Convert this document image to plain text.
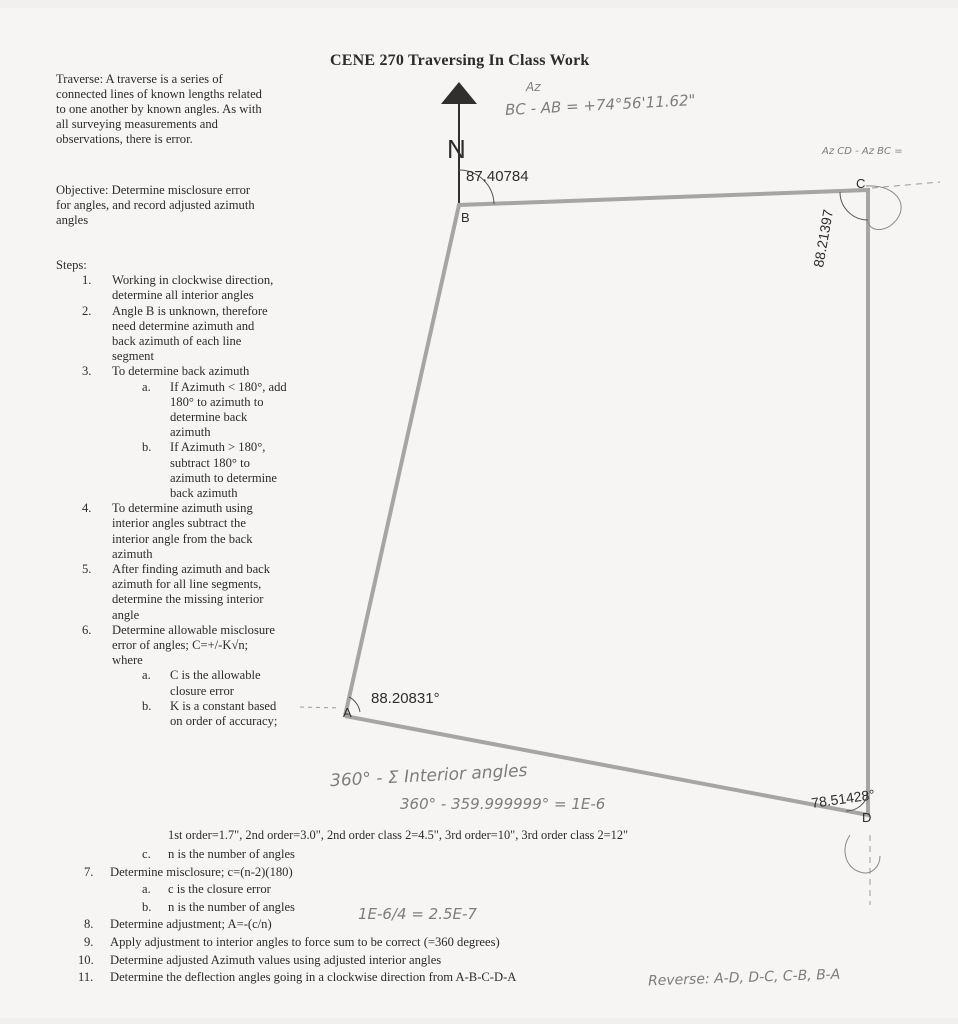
CENE 270 Traversing In Class Work
Traverse: A traverse is a series of
connected lines of known lengths related
to one another by known angles. As with
all surveying measurements and
observations, there is error.
Objective: Determine misclosure error
for angles, and record adjusted azimuth
angles
Steps:
1. Working in clockwise direction,
determine all interior angles
2. Angle B is unknown, therefore
need determine azimuth and
back azimuth of each line
segment
3. To determine back azimuth
a. If Azimuth < 180°, add
180° to azimuth to
determine back
azimuth
b. If Azimuth > 180°,
subtract 180° to
azimuth to determine
back azimuth
4. To determine azimuth using
interior angles subtract the
interior angle from the back
azimuth
5. After finding azimuth and back
azimuth for all line segments,
determine the missing interior
angle
6. Determine allowable misclosure
error of angles; C=+/-K√n;
where
a. C is the allowable
closure error
b. K is a constant based
on order of accuracy;
1st order=1.7", 2nd order=3.0", 2nd order class 2=4.5", 3rd order=10", 3rd order class 2=12"
c. n is the number of angles
7. Determine misclosure; c=(n-2)(180)
a. c is the closure error
b. n is the number of angles
8. Determine adjustment; A=-(c/n)
9. Apply adjustment to interior angles to force sum to be correct (=360 degrees)
10. Determine adjusted Azimuth values using adjusted interior angles
11. Determine the deflection angles going in a clockwise direction from A-B-C-D-A
N
B
C
A
D
87.40784
88.21397
88.20831°
78.51428°
Az
BC - AB = +74°56'11.62"
Az CD - Az BC =
360° - Σ Interior angles
360° - 359.999999° = 1E-6
1E-6/4 = 2.5E-7
Reverse: A-D, D-C, C-B, B-A
